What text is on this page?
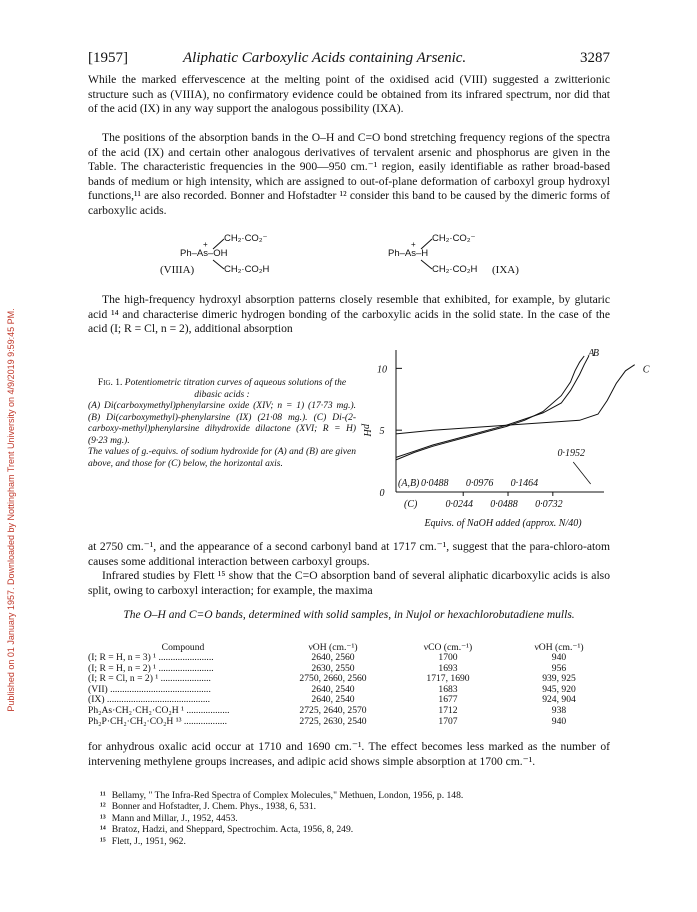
Published on 01 January 1957. Downloaded by Nottingham Trent University on 4/9/2019 9:59:45 PM.
[1957]	Aliphatic Carboxylic Acids containing Arsenic.	3287

While the marked effervescence at the melting point of the oxidised acid (VIII) suggested a zwitterionic structure such as (VIIIA), no confirmatory evidence could be obtained from its infrared spectrum, nor did that of the acid (IX) in any way support the analogous possibility (IXA).

The positions of the absorption bands in the O–H and C=O bond stretching frequency regions of the spectra of the acid (IX) and certain other analogous derivatives of tervalent arsenic and phosphorus are given in the Table. The characteristic frequencies in the 900—950 cm.⁻¹ region, easily identifiable as rather broad-based bands of medium or high intensity, which are assigned to out-of-plane deformation of carboxyl group hydroxyl functions,¹¹ are also recorded. Bonner and Hofstadter ¹² consider this band to be caused by the dimeric forms of carboxylic acids.

CH₂·CO₂⁻
+
Ph–As–OH
CH₂·CO₂H
(VIIIA)
CH₂·CO₂⁻
+
Ph–As–H
CH₂·CO₂H (IXA)

The high-frequency hydroxyl absorption patterns closely resemble that exhibited, for example, by glutaric acid ¹⁴ and characterise dimeric hydrogen bonding of the carboxylic acids in the solid state. In the case of the acid (I; R = Cl, n = 2), additional absorption

Fig. 1. Potentiometric titration curves of aqueous solutions of the dibasic acids :
(A) Di(carboxymethyl)phenylarsine oxide (XIV; n = 1) (17·73 mg.). (B) Di(carboxymethyl)-phenylarsine (IX) (21·08 mg.). (C) Di-(2-carboxy-methyl)phenylarsine dihydroxide dilactone (XVI; R = H) (9·23 mg.).
The values of g.-equivs. of sodium hydroxide for (A) and (B) are given above, and those for (C) below, the horizontal axis.
0
5
10
pH
(A,B) 0·0488 0·0976 0·1464
0·1952
(C)	0·0244 0·0488 0·0732
Equivs. of NaOH added (approx. N/40)
A
B
C

at 2750 cm.⁻¹, and the appearance of a second carbonyl band at 1717 cm.⁻¹, suggest that the para-chloro-atom causes some additional interaction between carboxyl groups.

Infrared studies by Flett ¹⁵ show that the C=O absorption band of several aliphatic dicarboxylic acids is also split, owing to carboxyl interaction; for example, the maxima

The O–H and C=O bands, determined with solid samples, in Nujol or hexachlorobutadiene mulls.
Compound	νOH (cm.⁻¹)	νCO (cm.⁻¹)	νOH (cm.⁻¹)
(I; R = H, n = 3) ¹ .......................	2640, 2560	1700	940
(I; R = H, n = 2) ¹ .......................	2630, 2550	1693	956
(I; R = Cl, n = 2) ¹ .....................	2750, 2660, 2560	1717, 1690	939, 925
(VII) ..........................................	2640, 2540	1683	945, 920
(IX) ...........................................	2640, 2540	1677	924, 904
Ph₂As·CH₂·CH₂·CO₂H ¹ ..................	2725, 2640, 2570	1712	938
Ph₂P·CH₂·CH₂·CO₂H ¹³ ..................	2725, 2630, 2540	1707	940

for anhydrous oxalic acid occur at 1710 and 1690 cm.⁻¹. The effect becomes less marked as the number of intervening methylene groups increases, and adipic acid shows simple absorption at 1700 cm.⁻¹.

¹¹ Bellamy, " The Infra-Red Spectra of Complex Molecules," Methuen, London, 1956, p. 148.
¹² Bonner and Hofstadter, J. Chem. Phys., 1938, 6, 531.
¹³ Mann and Millar, J., 1952, 4453.
¹⁴ Bratoz, Hadzi, and Sheppard, Spectrochim. Acta, 1956, 8, 249.
¹⁵ Flett, J., 1951, 962.
